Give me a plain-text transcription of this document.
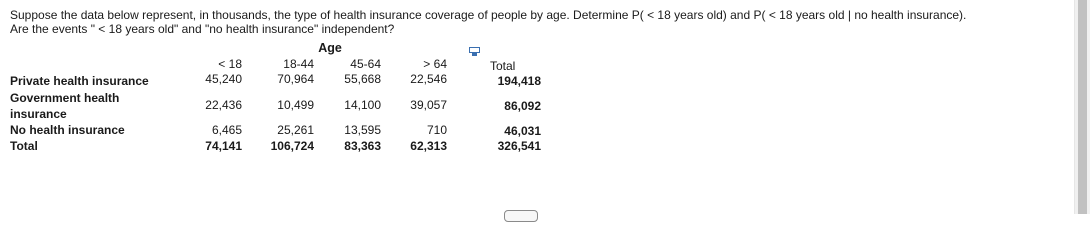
Suppose the data below represent, in thousands, the type of health insurance coverage of people by age. Determine P( < 18 years old) and P( < 18 years old | no health insurance).

Are the events " < 18 years old" and "no health insurance" independent?

Age
< 18	18-44	45-64	> 64	Total
Private health insurance	45,240	70,964	55,668	22,546	194,418
Government health
insurance
22,436	10,499	14,100	39,057	86,092
No health insurance	6,465	25,261	13,595	710	46,031
Total	74,141	106,724	83,363	62,313	326,541
